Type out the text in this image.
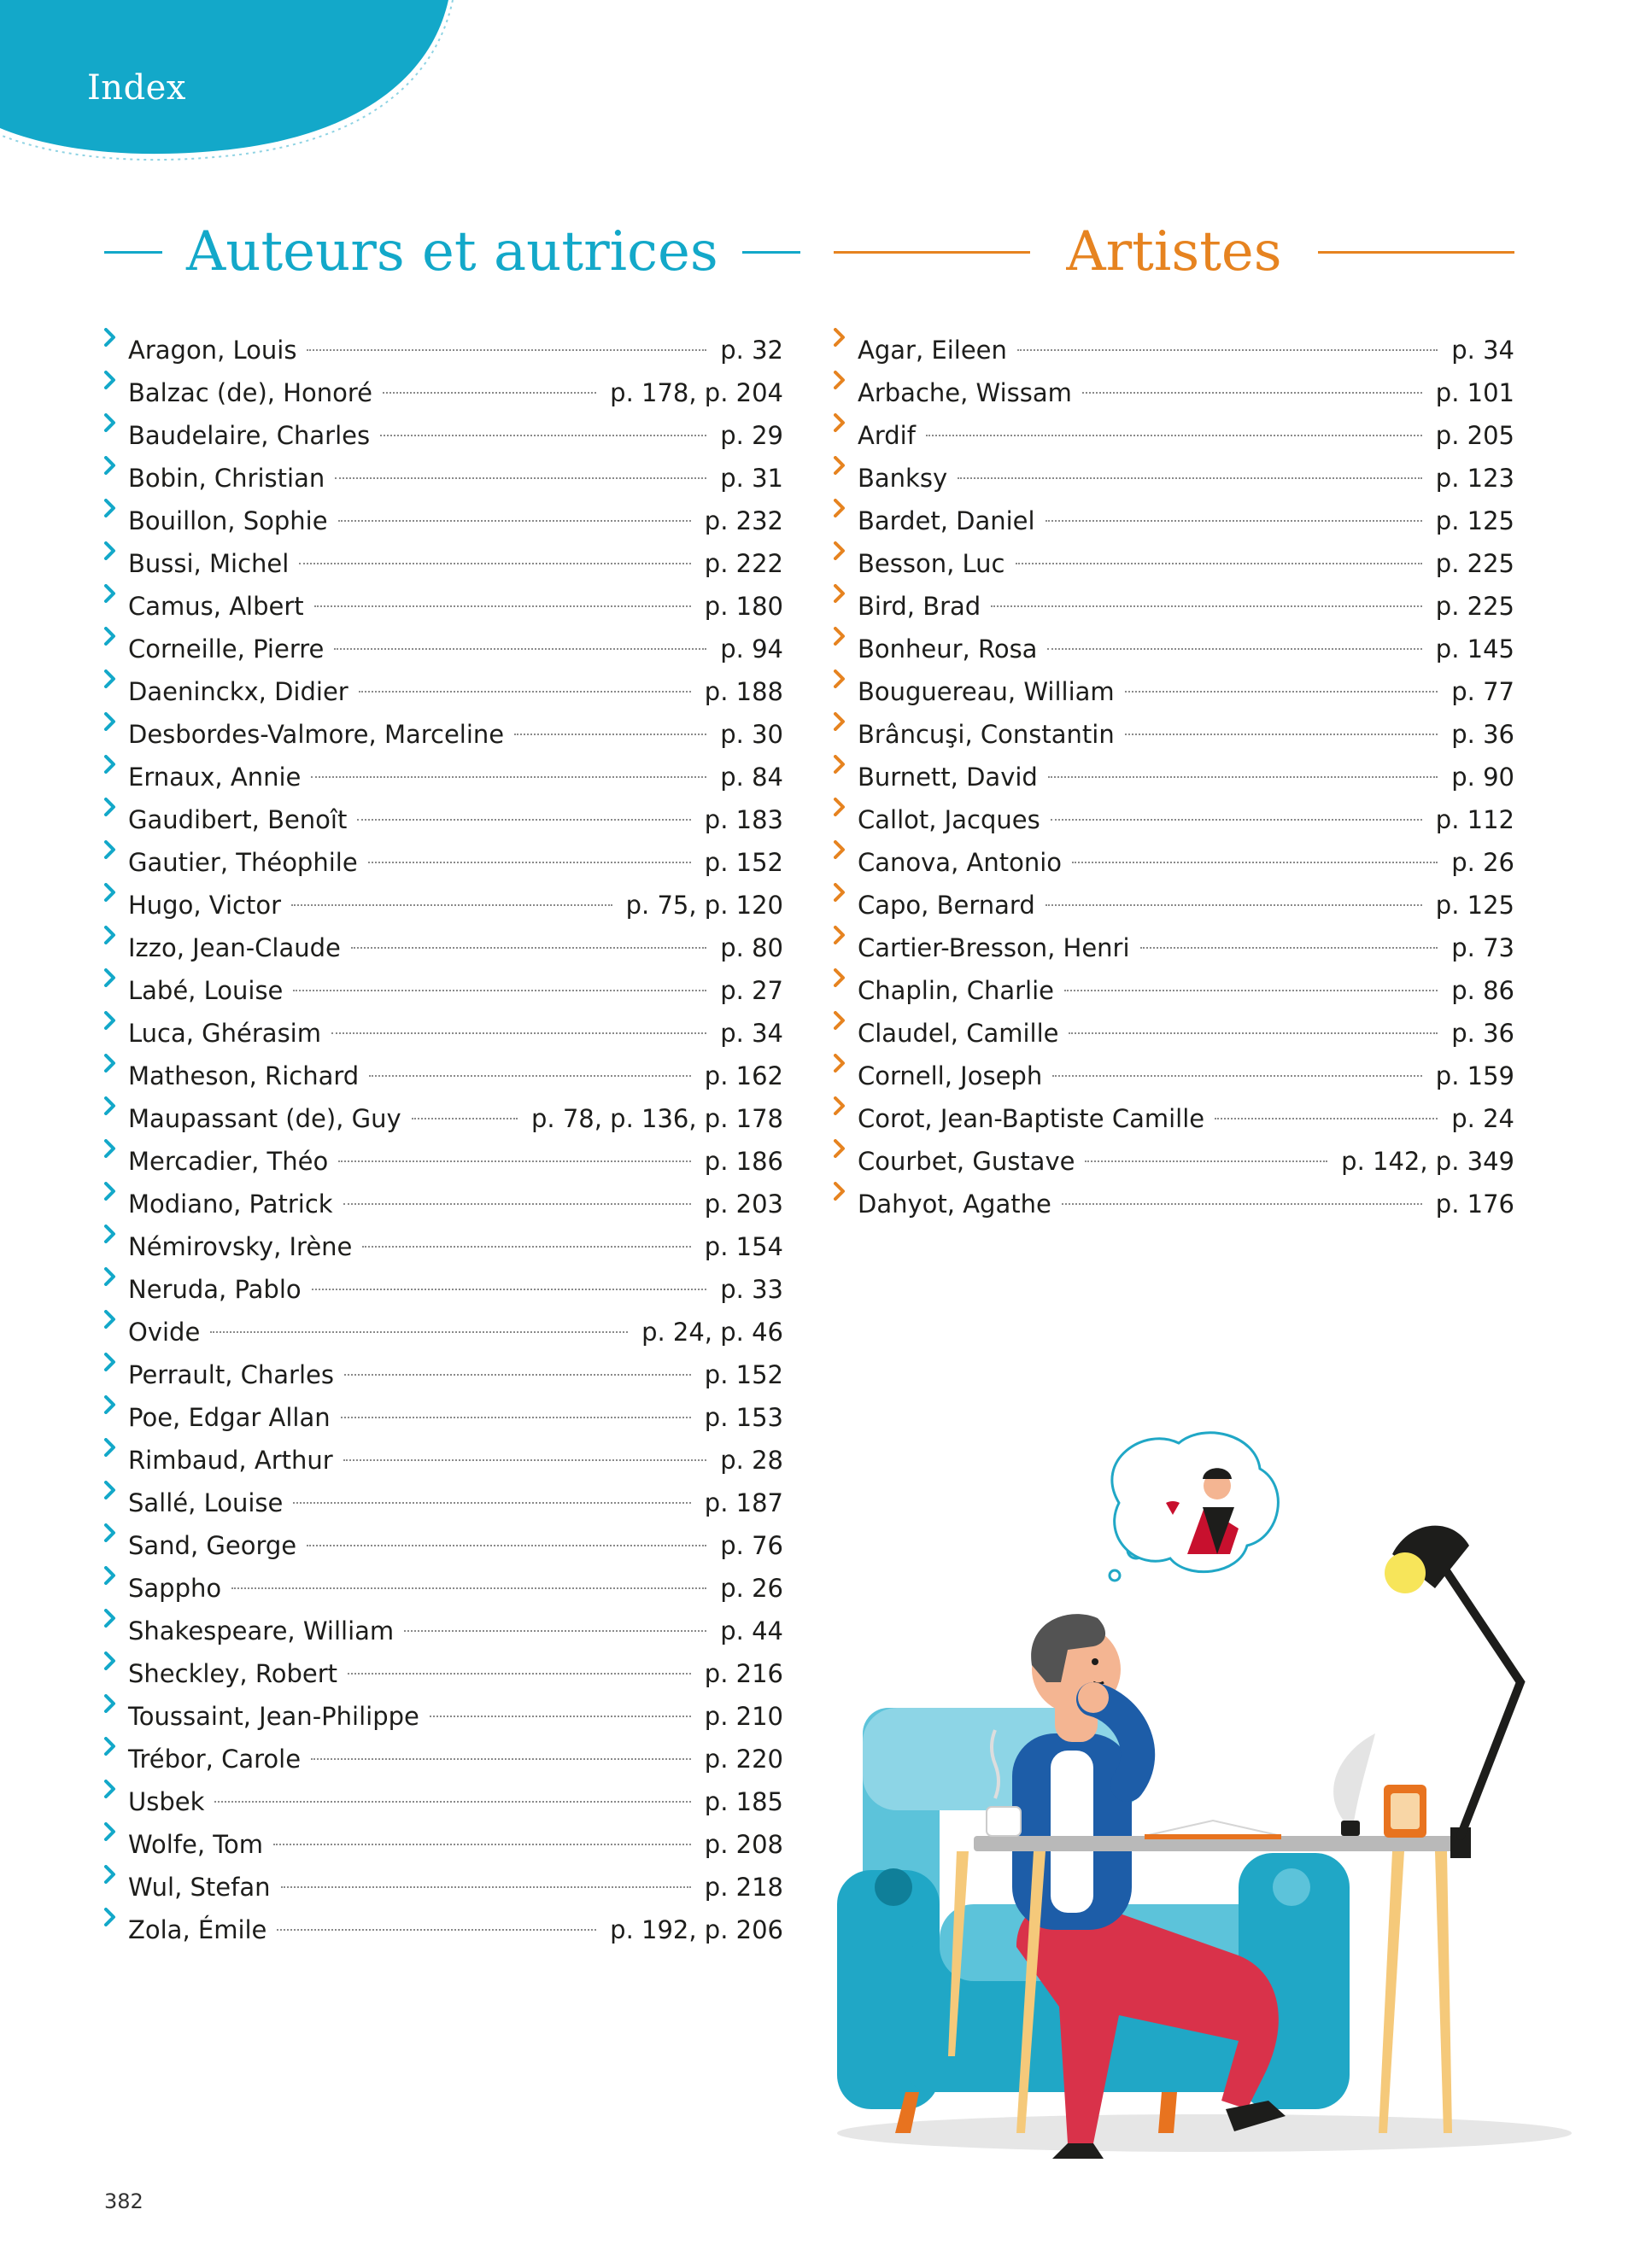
Index
Auteurs et autrices
Aragon, Louis	p. 32
Balzac (de), Honoré	p. 178, p. 204
Baudelaire, Charles	p. 29
Bobin, Christian	p. 31
Bouillon, Sophie	p. 232
Bussi, Michel	p. 222
Camus, Albert	p. 180
Corneille, Pierre	p. 94
Daeninckx, Didier	p. 188
Desbordes-Valmore, Marceline	p. 30
Ernaux, Annie	p. 84
Gaudibert, Benoît	p. 183
Gautier, Théophile	p. 152
Hugo, Victor	p. 75, p. 120
Izzo, Jean-Claude	p. 80
Labé, Louise	p. 27
Luca, Ghérasim	p. 34
Matheson, Richard	p. 162
Maupassant (de), Guy	p. 78, p. 136, p. 178
Mercadier, Théo	p. 186
Modiano, Patrick	p. 203
Némirovsky, Irène	p. 154
Neruda, Pablo	p. 33
Ovide	p. 24, p. 46
Perrault, Charles	p. 152
Poe, Edgar Allan	p. 153
Rimbaud, Arthur	p. 28
Sallé, Louise	p. 187
Sand, George	p. 76
Sappho	p. 26
Shakespeare, William	p. 44
Sheckley, Robert	p. 216
Toussaint, Jean-Philippe	p. 210
Trébor, Carole	p. 220
Usbek	p. 185
Wolfe, Tom	p. 208
Wul, Stefan	p. 218
Zola, Émile	p. 192, p. 206
Artistes
Agar, Eileen	p. 34
Arbache, Wissam	p. 101
Ardif	p. 205
Banksy	p. 123
Bardet, Daniel	p. 125
Besson, Luc	p. 225
Bird, Brad	p. 225
Bonheur, Rosa	p. 145
Bouguereau, William	p. 77
Brâncuşi, Constantin	p. 36
Burnett, David	p. 90
Callot, Jacques	p. 112
Canova, Antonio	p. 26
Capo, Bernard	p. 125
Cartier-Bresson, Henri	p. 73
Chaplin, Charlie	p. 86
Claudel, Camille	p. 36
Cornell, Joseph	p. 159
Corot, Jean-Baptiste Camille	p. 24
Courbet, Gustave	p. 142, p. 349
Dahyot, Agathe	p. 176
382
